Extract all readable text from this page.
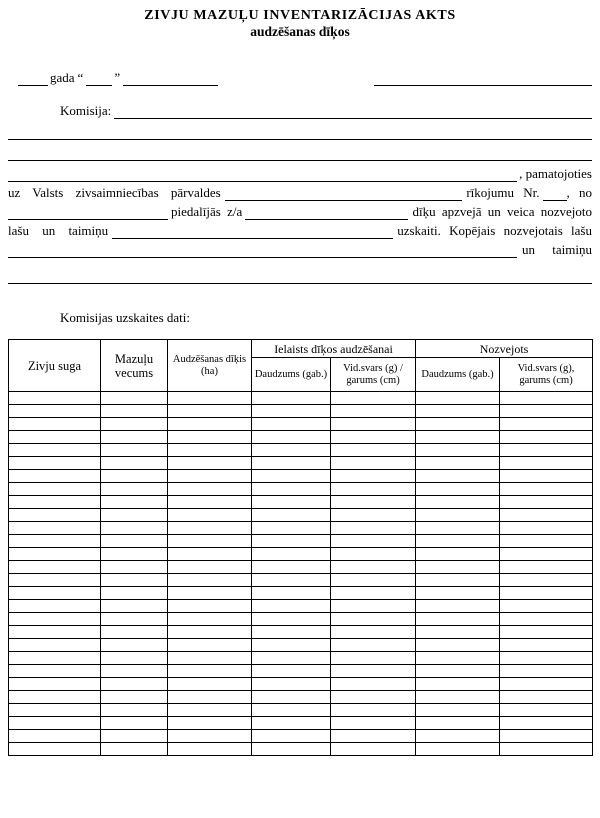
ZIVJU MAZUĻU INVENTARIZĀCIJAS AKTS
audzēšanas dīķos
gada “ ”
Komisija:
, pamatojoties
uz Valsts zivsaimniecības pārvaldes	rīkojumu Nr. , no
piedalījās z/a	dīķu apzvejā un veica nozvejoto
lašu un taimiņu	uzskaiti. Kopējais nozvejotais lašu
un taimiņu
Komisijas uzskaites dati:
Zivju suga	Mazuļu vecums	Audzēšanas dīķis (ha)	Ielaists dīķos audzēšanai		Nozvejots	
			Daudzums (gab.)	Vid.svars (g) / garums (cm)	Daudzums (gab.)	Vid.svars (g), garums (cm)
